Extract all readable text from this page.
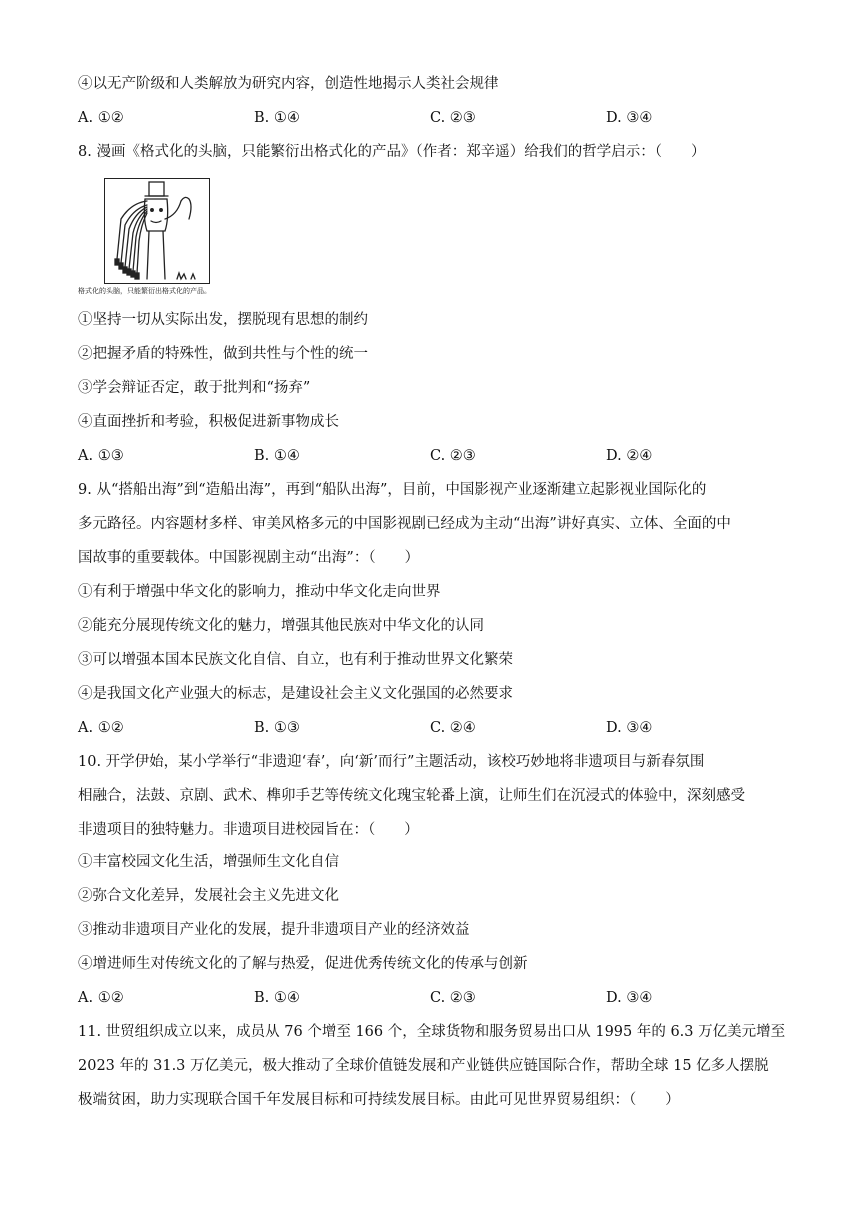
④以无产阶级和人类解放为研究内容，创造性地揭示人类社会规律
A. ①②	B. ①④	C. ②③	D. ③④
8. 漫画《格式化的头脑，只能繁衍出格式化的产品》（作者：郑辛遥）给我们的哲学启示：（　　）
格式化的头脑，只能繁衍出格式化的产品。
①坚持一切从实际出发，摆脱现有思想的制约
②把握矛盾的特殊性，做到共性与个性的统一
③学会辩证否定，敢于批判和“扬弃”
④直面挫折和考验，积极促进新事物成长
A. ①③	B. ①④	C. ②③	D. ②④
9. 从“搭船出海”到“造船出海”，再到“船队出海”，目前，中国影视产业逐渐建立起影视业国际化的
多元路径。内容题材多样、审美风格多元的中国影视剧已经成为主动“出海”讲好真实、立体、全面的中
国故事的重要载体。中国影视剧主动“出海”：（　　）
①有利于增强中华文化的影响力，推动中华文化走向世界
②能充分展现传统文化的魅力，增强其他民族对中华文化的认同
③可以增强本国本民族文化自信、自立，也有利于推动世界文化繁荣
④是我国文化产业强大的标志，是建设社会主义文化强国的必然要求
A. ①②	B. ①③	C. ②④	D. ③④
10. 开学伊始，某小学举行“非遗迎‘春’，向‘新’而行”主题活动，该校巧妙地将非遗项目与新春氛围
相融合，法鼓、京剧、武术、榫卯手艺等传统文化瑰宝轮番上演，让师生们在沉浸式的体验中，深刻感受
非遗项目的独特魅力。非遗项目进校园旨在：（　　）
①丰富校园文化生活，增强师生文化自信
②弥合文化差异，发展社会主义先进文化
③推动非遗项目产业化的发展，提升非遗项目产业的经济效益
④增进师生对传统文化的了解与热爱，促进优秀传统文化的传承与创新
A. ①②	B. ①④	C. ②③	D. ③④
11. 世贸组织成立以来，成员从 76 个增至 166 个，全球货物和服务贸易出口从 1995 年的 6.3 万亿美元增至
2023 年的 31.3 万亿美元，极大推动了全球价值链发展和产业链供应链国际合作，帮助全球 15 亿多人摆脱
极端贫困，助力实现联合国千年发展目标和可持续发展目标。由此可见世界贸易组织：（　　）
